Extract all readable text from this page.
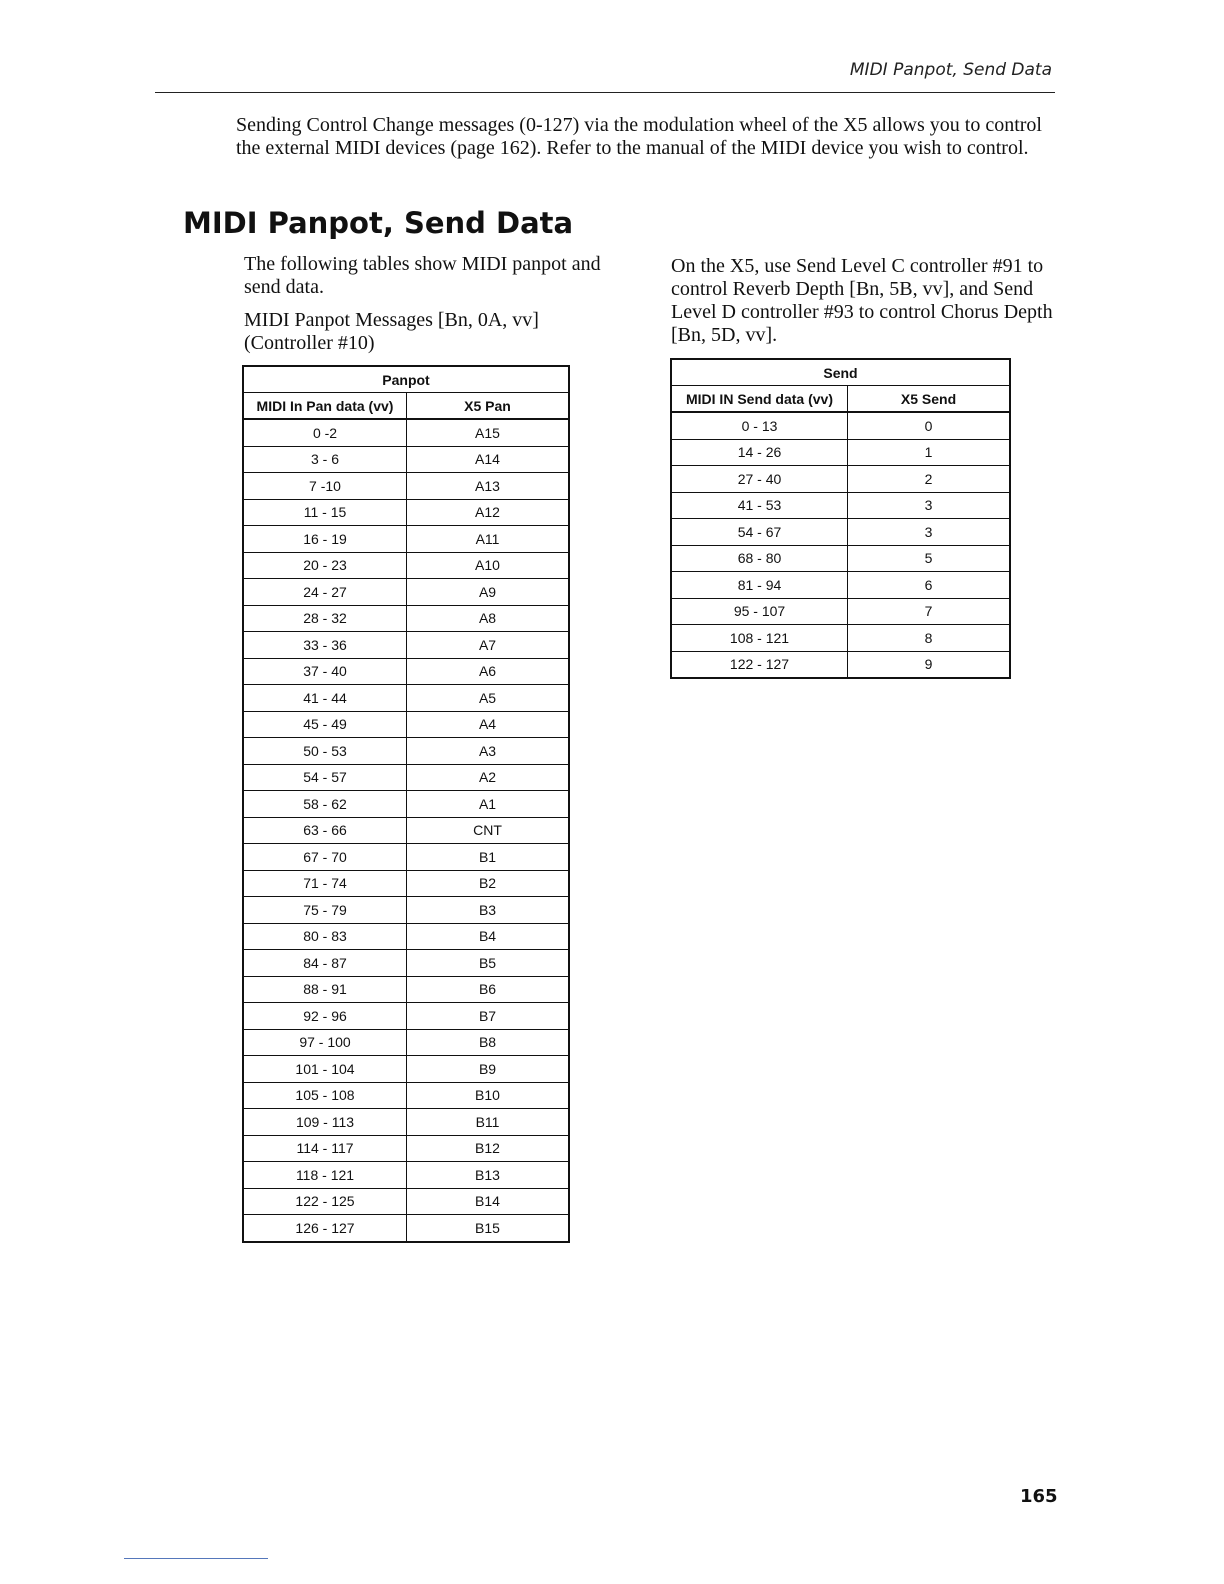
MIDI Panpot, Send Data

Sending Control Change messages (0-127) via the modulation wheel of the X5 allows you to control the external MIDI devices (page 162). Refer to the manual of the MIDI device you wish to control.

MIDI Panpot, Send Data

The following tables show MIDI panpot and send data.

MIDI Panpot Messages [Bn, 0A, vv] (Controller #10)

On the X5, use Send Level C controller #91 to control Reverb Depth [Bn, 5B, vv], and Send Level D controller #93 to control Chorus Depth [Bn, 5D, vv].

Panpot	
MIDI In Pan data (vv)	X5 Pan
0 -2	A15
3 - 6	A14
7 -10	A13
11 - 15	A12
16 - 19	A11
20 - 23	A10
24 - 27	A9
28 - 32	A8
33 - 36	A7
37 - 40	A6
41 - 44	A5
45 - 49	A4
50 - 53	A3
54 - 57	A2
58 - 62	A1
63 - 66	CNT
67 - 70	B1
71 - 74	B2
75 - 79	B3
80 - 83	B4
84 - 87	B5
88 - 91	B6
92 - 96	B7
97 - 100	B8
101 - 104	B9
105 - 108	B10
109 - 113	B11
114 - 117	B12
118 - 121	B13
122 - 125	B14
126 - 127	B15
Send	
MIDI IN Send data (vv)	X5 Send
0 - 13	0
14 - 26	1
27 - 40	2
41 - 53	3
54 - 67	3
68 - 80	5
81 - 94	6
95 - 107	7
108 - 121	8
122 - 127	9
165
